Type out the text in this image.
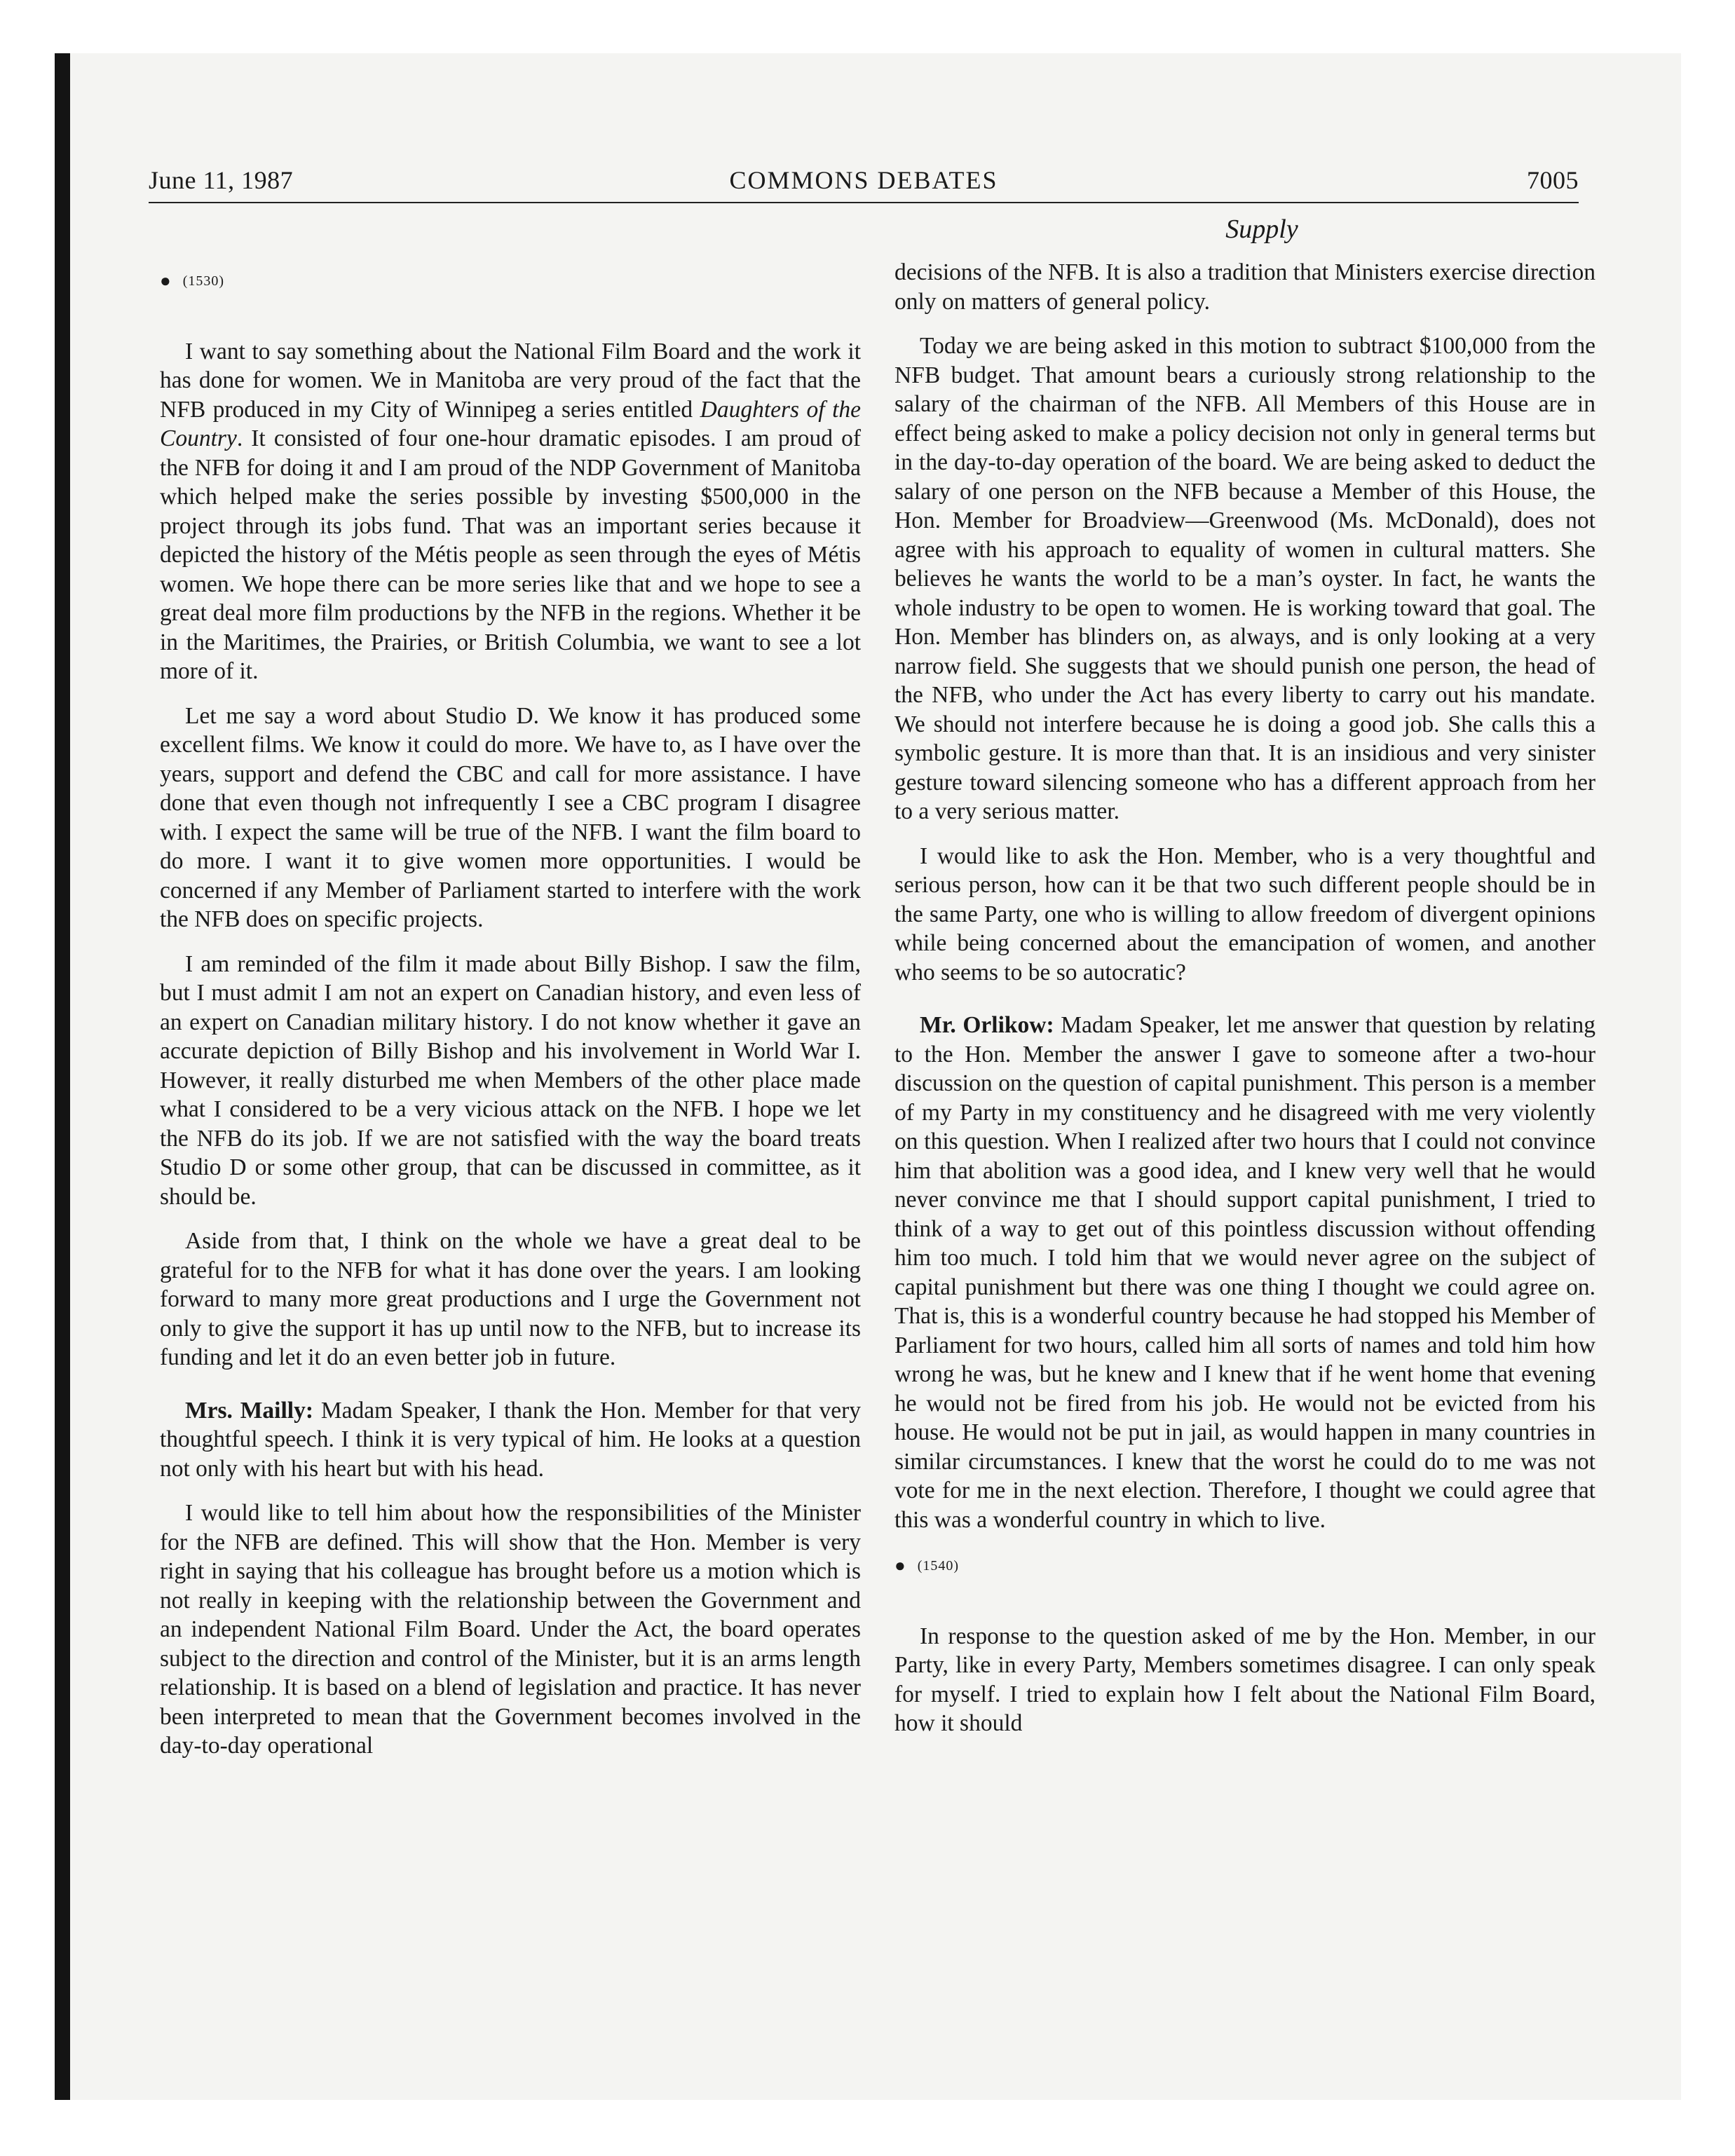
June 11, 1987	COMMONS DEBATES	7005
Supply
● (1530)

I want to say something about the National Film Board and the work it has done for women. We in Manitoba are very proud of the fact that the NFB produced in my City of Winnipeg a series entitled Daughters of the Country. It consisted of four one-hour dramatic episodes. I am proud of the NFB for doing it and I am proud of the NDP Government of Manitoba which helped make the series possible by investing $500,000 in the project through its jobs fund. That was an important series because it depicted the history of the Métis people as seen through the eyes of Métis women. We hope there can be more series like that and we hope to see a great deal more film productions by the NFB in the regions. Whether it be in the Maritimes, the Prairies, or British Columbia, we want to see a lot more of it.

Let me say a word about Studio D. We know it has produced some excellent films. We know it could do more. We have to, as I have over the years, support and defend the CBC and call for more assistance. I have done that even though not infrequently I see a CBC program I disagree with. I expect the same will be true of the NFB. I want the film board to do more. I want it to give women more opportunities. I would be concerned if any Member of Parliament started to interfere with the work the NFB does on specific projects.

I am reminded of the film it made about Billy Bishop. I saw the film, but I must admit I am not an expert on Canadian history, and even less of an expert on Canadian military history. I do not know whether it gave an accurate depiction of Billy Bishop and his involvement in World War I. However, it really disturbed me when Members of the other place made what I considered to be a very vicious attack on the NFB. I hope we let the NFB do its job. If we are not satisfied with the way the board treats Studio D or some other group, that can be discussed in committee, as it should be.

Aside from that, I think on the whole we have a great deal to be grateful for to the NFB for what it has done over the years. I am looking forward to many more great productions and I urge the Government not only to give the support it has up until now to the NFB, but to increase its funding and let it do an even better job in future.

Mrs. Mailly: Madam Speaker, I thank the Hon. Member for that very thoughtful speech. I think it is very typical of him. He looks at a question not only with his heart but with his head.

I would like to tell him about how the responsibilities of the Minister for the NFB are defined. This will show that the Hon. Member is very right in saying that his colleague has brought before us a motion which is not really in keeping with the relationship between the Government and an independent National Film Board. Under the Act, the board operates subject to the direction and control of the Minister, but it is an arms length relationship. It is based on a blend of legislation and practice. It has never been interpreted to mean that the Government becomes involved in the day-to-day operational

decisions of the NFB. It is also a tradition that Ministers exercise direction only on matters of general policy.

Today we are being asked in this motion to subtract $100,000 from the NFB budget. That amount bears a curiously strong relationship to the salary of the chairman of the NFB. All Members of this House are in effect being asked to make a policy decision not only in general terms but in the day-to-day operation of the board. We are being asked to deduct the salary of one person on the NFB because a Member of this House, the Hon. Member for Broadview—Greenwood (Ms. McDonald), does not agree with his approach to equality of women in cultural matters. She believes he wants the world to be a man’s oyster. In fact, he wants the whole industry to be open to women. He is working toward that goal. The Hon. Member has blinders on, as always, and is only looking at a very narrow field. She suggests that we should punish one person, the head of the NFB, who under the Act has every liberty to carry out his mandate. We should not interfere because he is doing a good job. She calls this a symbolic gesture. It is more than that. It is an insidious and very sinister gesture toward silencing someone who has a different approach from her to a very serious matter.

I would like to ask the Hon. Member, who is a very thoughtful and serious person, how can it be that two such different people should be in the same Party, one who is willing to allow freedom of divergent opinions while being concerned about the emancipation of women, and another who seems to be so autocratic?

Mr. Orlikow: Madam Speaker, let me answer that question by relating to the Hon. Member the answer I gave to someone after a two-hour discussion on the question of capital punishment. This person is a member of my Party in my constituency and he disagreed with me very violently on this question. When I realized after two hours that I could not convince him that abolition was a good idea, and I knew very well that he would never convince me that I should support capital punishment, I tried to think of a way to get out of this pointless discussion without offending him too much. I told him that we would never agree on the subject of capital punishment but there was one thing I thought we could agree on. That is, this is a wonderful country because he had stopped his Member of Parliament for two hours, called him all sorts of names and told him how wrong he was, but he knew and I knew that if he went home that evening he would not be fired from his job. He would not be evicted from his house. He would not be put in jail, as would happen in many countries in similar circumstances. I knew that the worst he could do to me was not vote for me in the next election. Therefore, I thought we could agree that this was a wonderful country in which to live.

● (1540)

In response to the question asked of me by the Hon. Member, in our Party, like in every Party, Members sometimes disagree. I can only speak for myself. I tried to explain how I felt about the National Film Board, how it should
